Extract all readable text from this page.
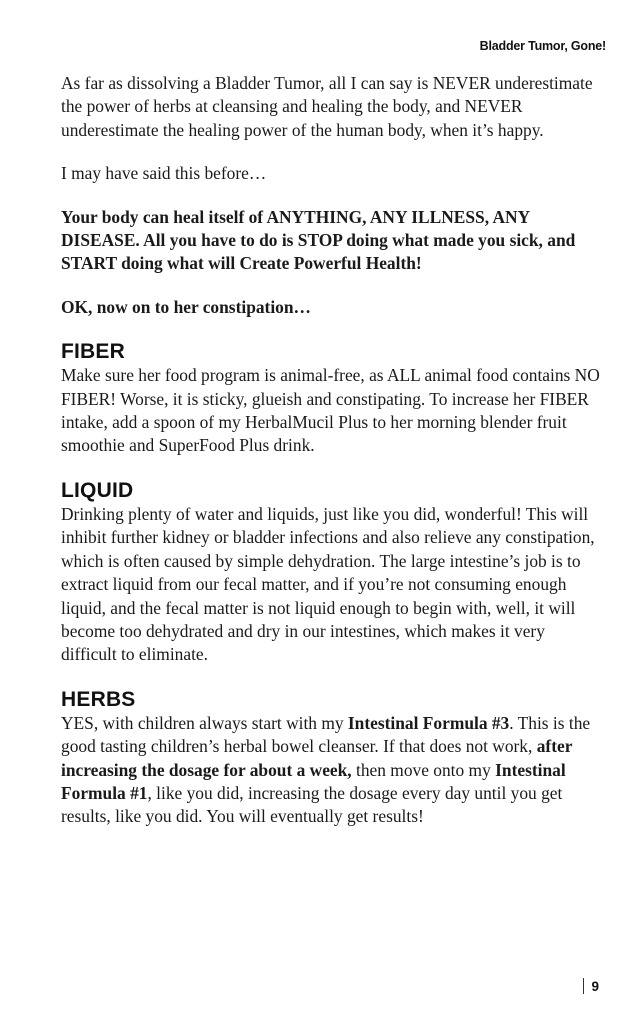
Bladder Tumor, Gone!

As far as dissolving a Bladder Tumor, all I can say is NEVER underestimate the power of herbs at cleansing and healing the body, and NEVER underestimate the healing power of the human body, when it’s happy.

I may have said this before…

Your body can heal itself of ANYTHING, ANY ILLNESS, ANY DISEASE. All you have to do is STOP doing what made you sick, and START doing what will Create Powerful Health!

OK, now on to her constipation…

FIBER

Make sure her food program is animal-free, as ALL animal food contains NO FIBER! Worse, it is sticky, glueish and constipating. To increase her FIBER intake, add a spoon of my HerbalMucil Plus to her morning blender fruit smoothie and SuperFood Plus drink.

LIQUID

Drinking plenty of water and liquids, just like you did, wonderful! This will inhibit further kidney or bladder infections and also relieve any constipation, which is often caused by simple dehydration. The large intestine’s job is to extract liquid from our fecal matter, and if you’re not consuming enough liquid, and the fecal matter is not liquid enough to begin with, well, it will become too dehydrated and dry in our intestines, which makes it very difficult to eliminate.

HERBS

YES, with children always start with my Intestinal Formula #3. This is the good tasting children’s herbal bowel cleanser. If that does not work, after increasing the dosage for about a week, then move onto my Intestinal Formula #1, like you did, increasing the dosage every day until you get results, like you did. You will eventually get results!

9
